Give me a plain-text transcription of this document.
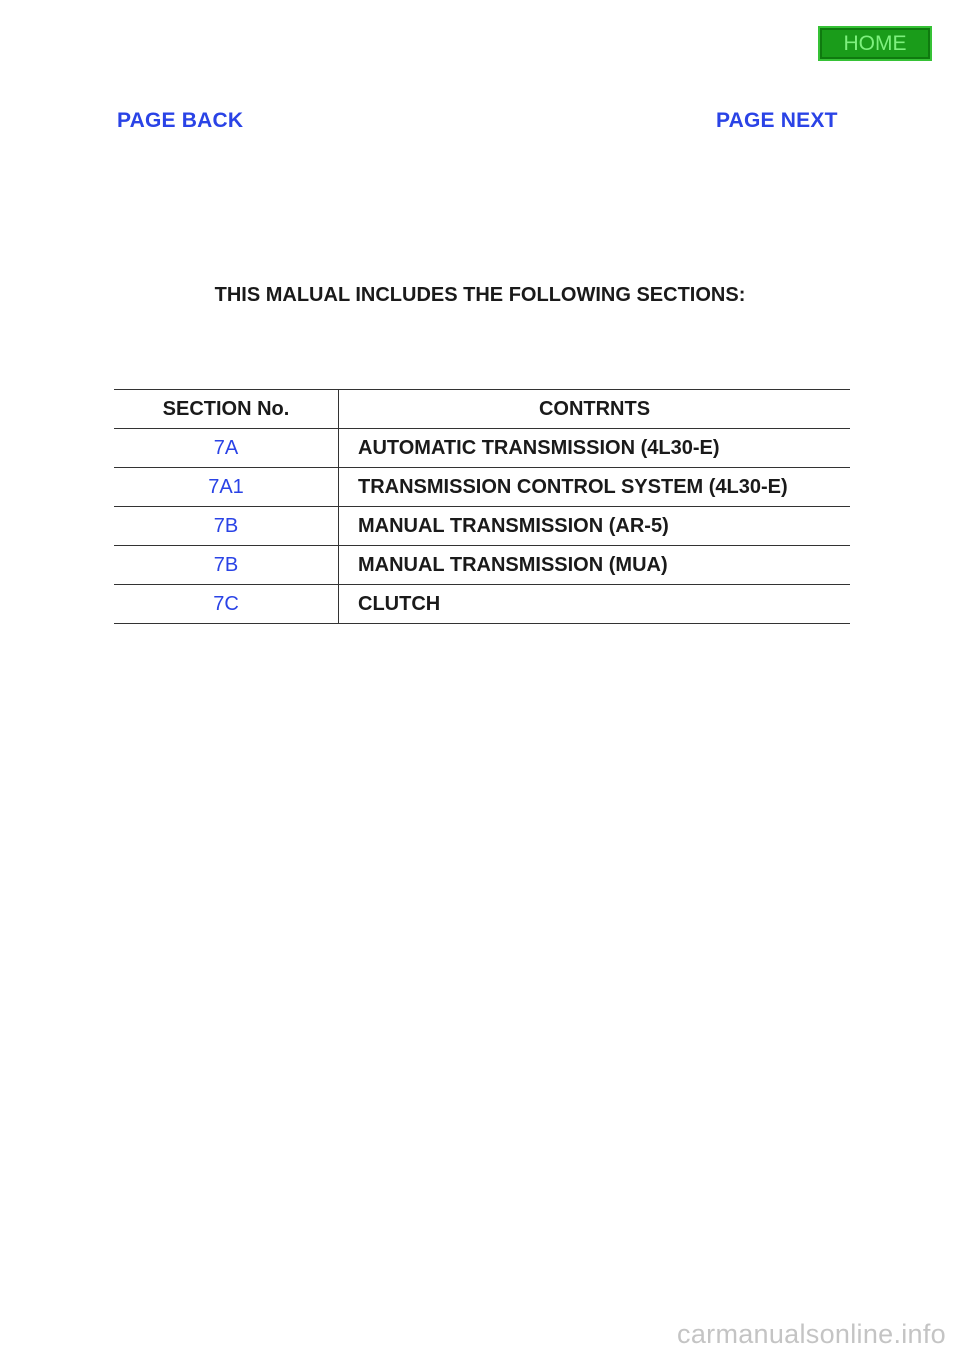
HOME
PAGE BACK	PAGE NEXT
THIS MALUAL INCLUDES THE FOLLOWING SECTIONS:
SECTION No.	CONTRNTS
7A	AUTOMATIC TRANSMISSION (4L30-E)
7A1	TRANSMISSION CONTROL SYSTEM (4L30-E)
7B	MANUAL TRANSMISSION (AR-5)
7B	MANUAL TRANSMISSION (MUA)
7C	CLUTCH
carmanualsonline.info
